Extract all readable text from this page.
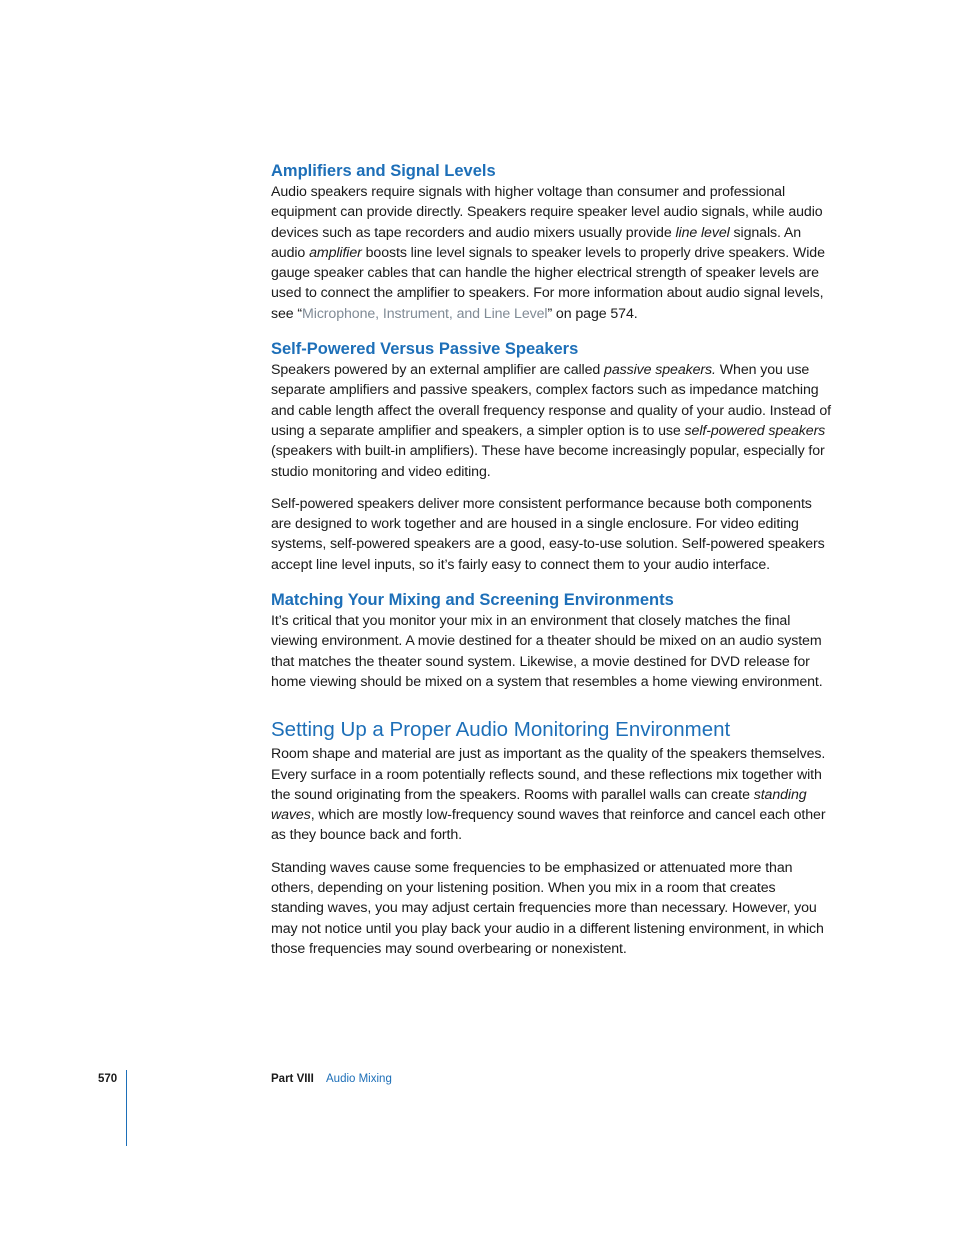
Amplifiers and Signal Levels

Audio speakers require signals with higher voltage than consumer and professional equipment can provide directly. Speakers require speaker level audio signals, while audio devices such as tape recorders and audio mixers usually provide line level signals. An audio amplifier boosts line level signals to speaker levels to properly drive speakers. Wide gauge speaker cables that can handle the higher electrical strength of speaker levels are used to connect the amplifier to speakers. For more information about audio signal levels, see “Microphone, Instrument, and Line Level” on page 574.

Self-Powered Versus Passive Speakers

Speakers powered by an external amplifier are called passive speakers. When you use separate amplifiers and passive speakers, complex factors such as impedance matching and cable length affect the overall frequency response and quality of your audio. Instead of using a separate amplifier and speakers, a simpler option is to use self-powered speakers (speakers with built-in amplifiers). These have become increasingly popular, especially for studio monitoring and video editing.

Self-powered speakers deliver more consistent performance because both components are designed to work together and are housed in a single enclosure. For video editing systems, self-powered speakers are a good, easy-to-use solution. Self-powered speakers accept line level inputs, so it’s fairly easy to connect them to your audio interface.

Matching Your Mixing and Screening Environments

It’s critical that you monitor your mix in an environment that closely matches the final viewing environment. A movie destined for a theater should be mixed on an audio system that matches the theater sound system. Likewise, a movie destined for DVD release for home viewing should be mixed on a system that resembles a home viewing environment.

Setting Up a Proper Audio Monitoring Environment

Room shape and material are just as important as the quality of the speakers themselves. Every surface in a room potentially reflects sound, and these reflections mix together with the sound originating from the speakers. Rooms with parallel walls can create standing waves, which are mostly low-frequency sound waves that reinforce and cancel each other as they bounce back and forth.

Standing waves cause some frequencies to be emphasized or attenuated more than others, depending on your listening position. When you mix in a room that creates standing waves, you may adjust certain frequencies more than necessary. However, you may not notice until you play back your audio in a different listening environment, in which those frequencies may sound overbearing or nonexistent.

570	Part VIII Audio Mixing
